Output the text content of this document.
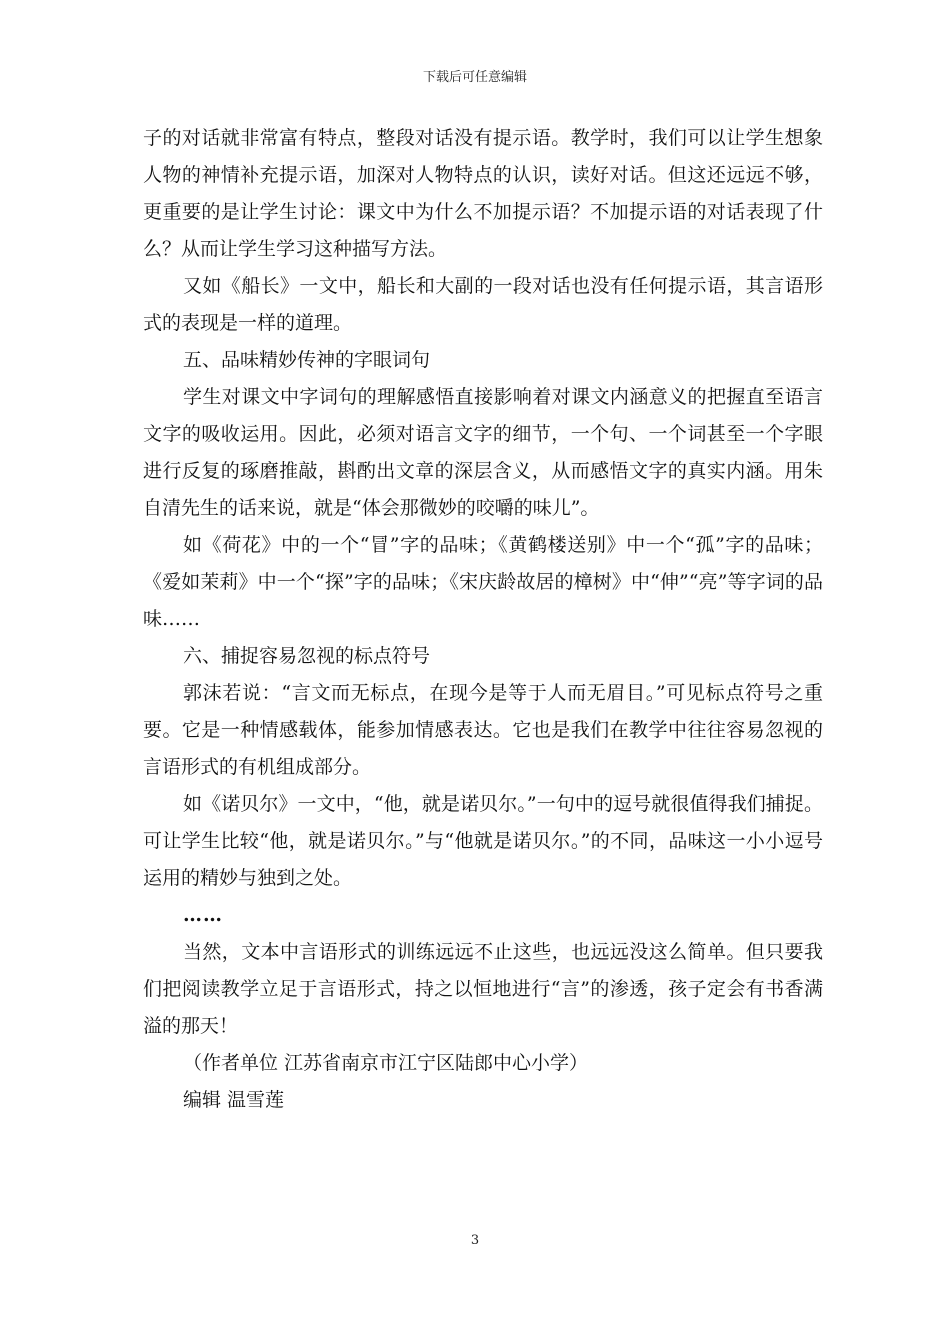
下载后可任意编辑

子的对话就非常富有特点，整段对话没有提示语。教学时，我们可以让学生想象人物的神情补充提示语，加深对人物特点的认识，读好对话。但这还远远不够，更重要的是让学生讨论：课文中为什么不加提示语？不加提示语的对话表现了什么？从而让学生学习这种描写方法。

又如《船长》一文中，船长和大副的一段对话也没有任何提示语，其言语形式的表现是一样的道理。

五、品味精妙传神的字眼词句

学生对课文中字词句的理解感悟直接影响着对课文内涵意义的把握直至语言文字的吸收运用。因此，必须对语言文字的细节，一个句、一个词甚至一个字眼进行反复的琢磨推敲，斟酌出文章的深层含义，从而感悟文字的真实内涵。用朱自清先生的话来说，就是“体会那微妙的咬嚼的味儿”。

如《荷花》中的一个“冒”字的品味；《黄鹤楼送别》中一个“孤”字的品味；《爱如茉莉》中一个“探”字的品味；《宋庆龄故居的樟树》中“伸”“亮”等字词的品味……

六、捕捉容易忽视的标点符号

郭沫若说：“言文而无标点，在现今是等于人而无眉目。”可见标点符号之重要。它是一种情感载体，能参加情感表达。它也是我们在教学中往往容易忽视的言语形式的有机组成部分。

如《诺贝尔》一文中，“他，就是诺贝尔。”一句中的逗号就很值得我们捕捉。可让学生比较“他，就是诺贝尔。”与“他就是诺贝尔。”的不同，品味这一小小逗号运用的精妙与独到之处。

……

当然，文本中言语形式的训练远远不止这些，也远远没这么简单。但只要我们把阅读教学立足于言语形式，持之以恒地进行“言”的渗透，孩子定会有书香满溢的那天！

（作者单位 江苏省南京市江宁区陆郎中心小学）

编辑 温雪莲

3
